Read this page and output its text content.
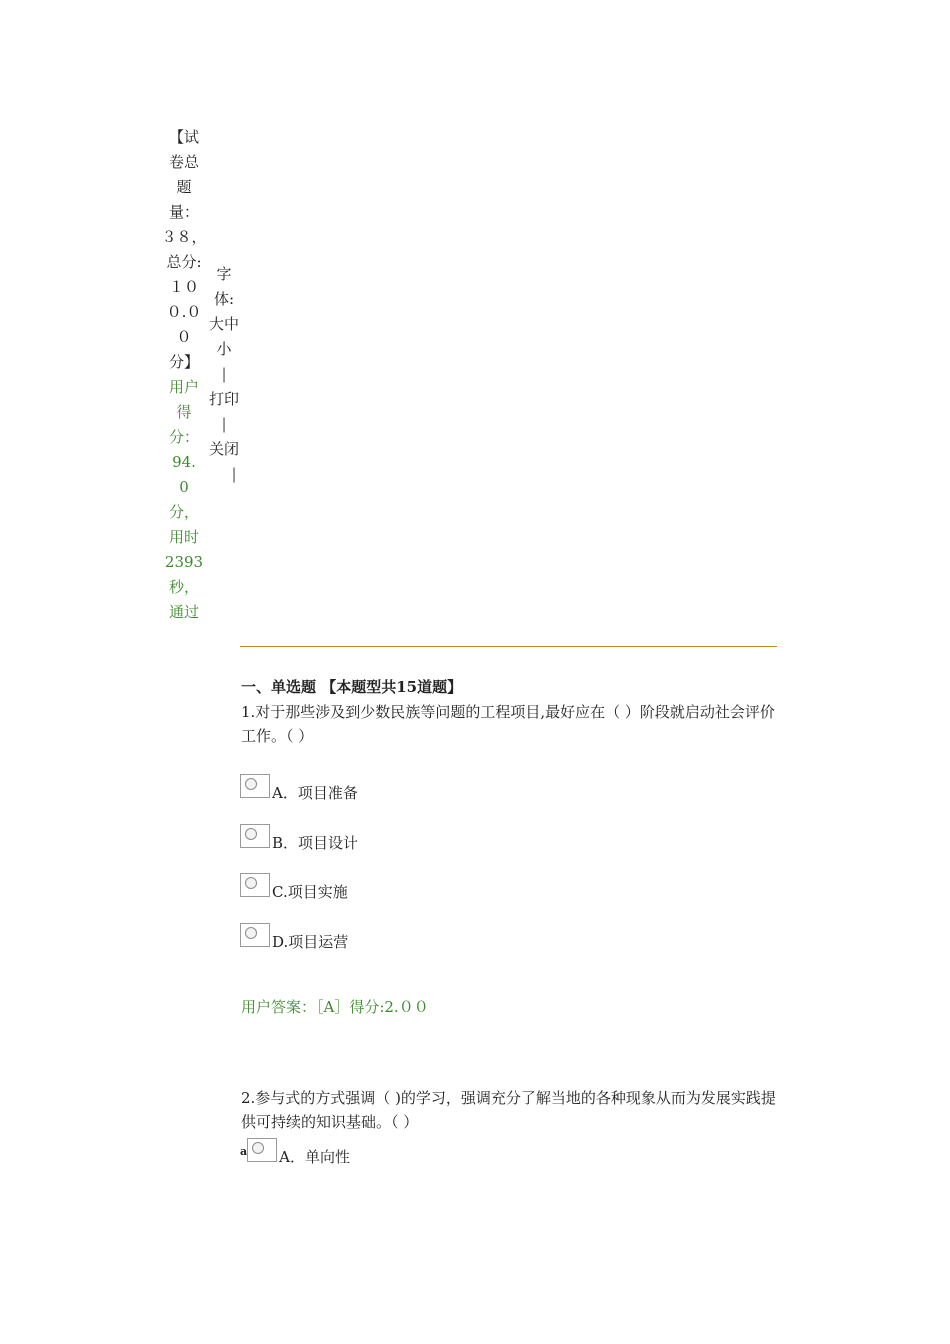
【试
卷总
题
量：
３８，
总分:
１０
０.０
０
分】
用户
得
分：
94.
0
分，
用时
2393
秒，
通过
字
体:
大中
小
|
打印
|
关闭
|
一、单选题 【本题型共15道题】
1.对于那些涉及到少数民族等问题的工程项目,最好应在（ ）阶段就启动社会评价工作。（ ）
A．项目准备
B．项目设计
C.项目实施
D.项目运营
用户答案：［A］得分:2.００
2.参与式的方式强调（ )的学习，强调充分了解当地的各种现象从而为发展实践提供可持续的知识基础。（ ）
a A．单向性
